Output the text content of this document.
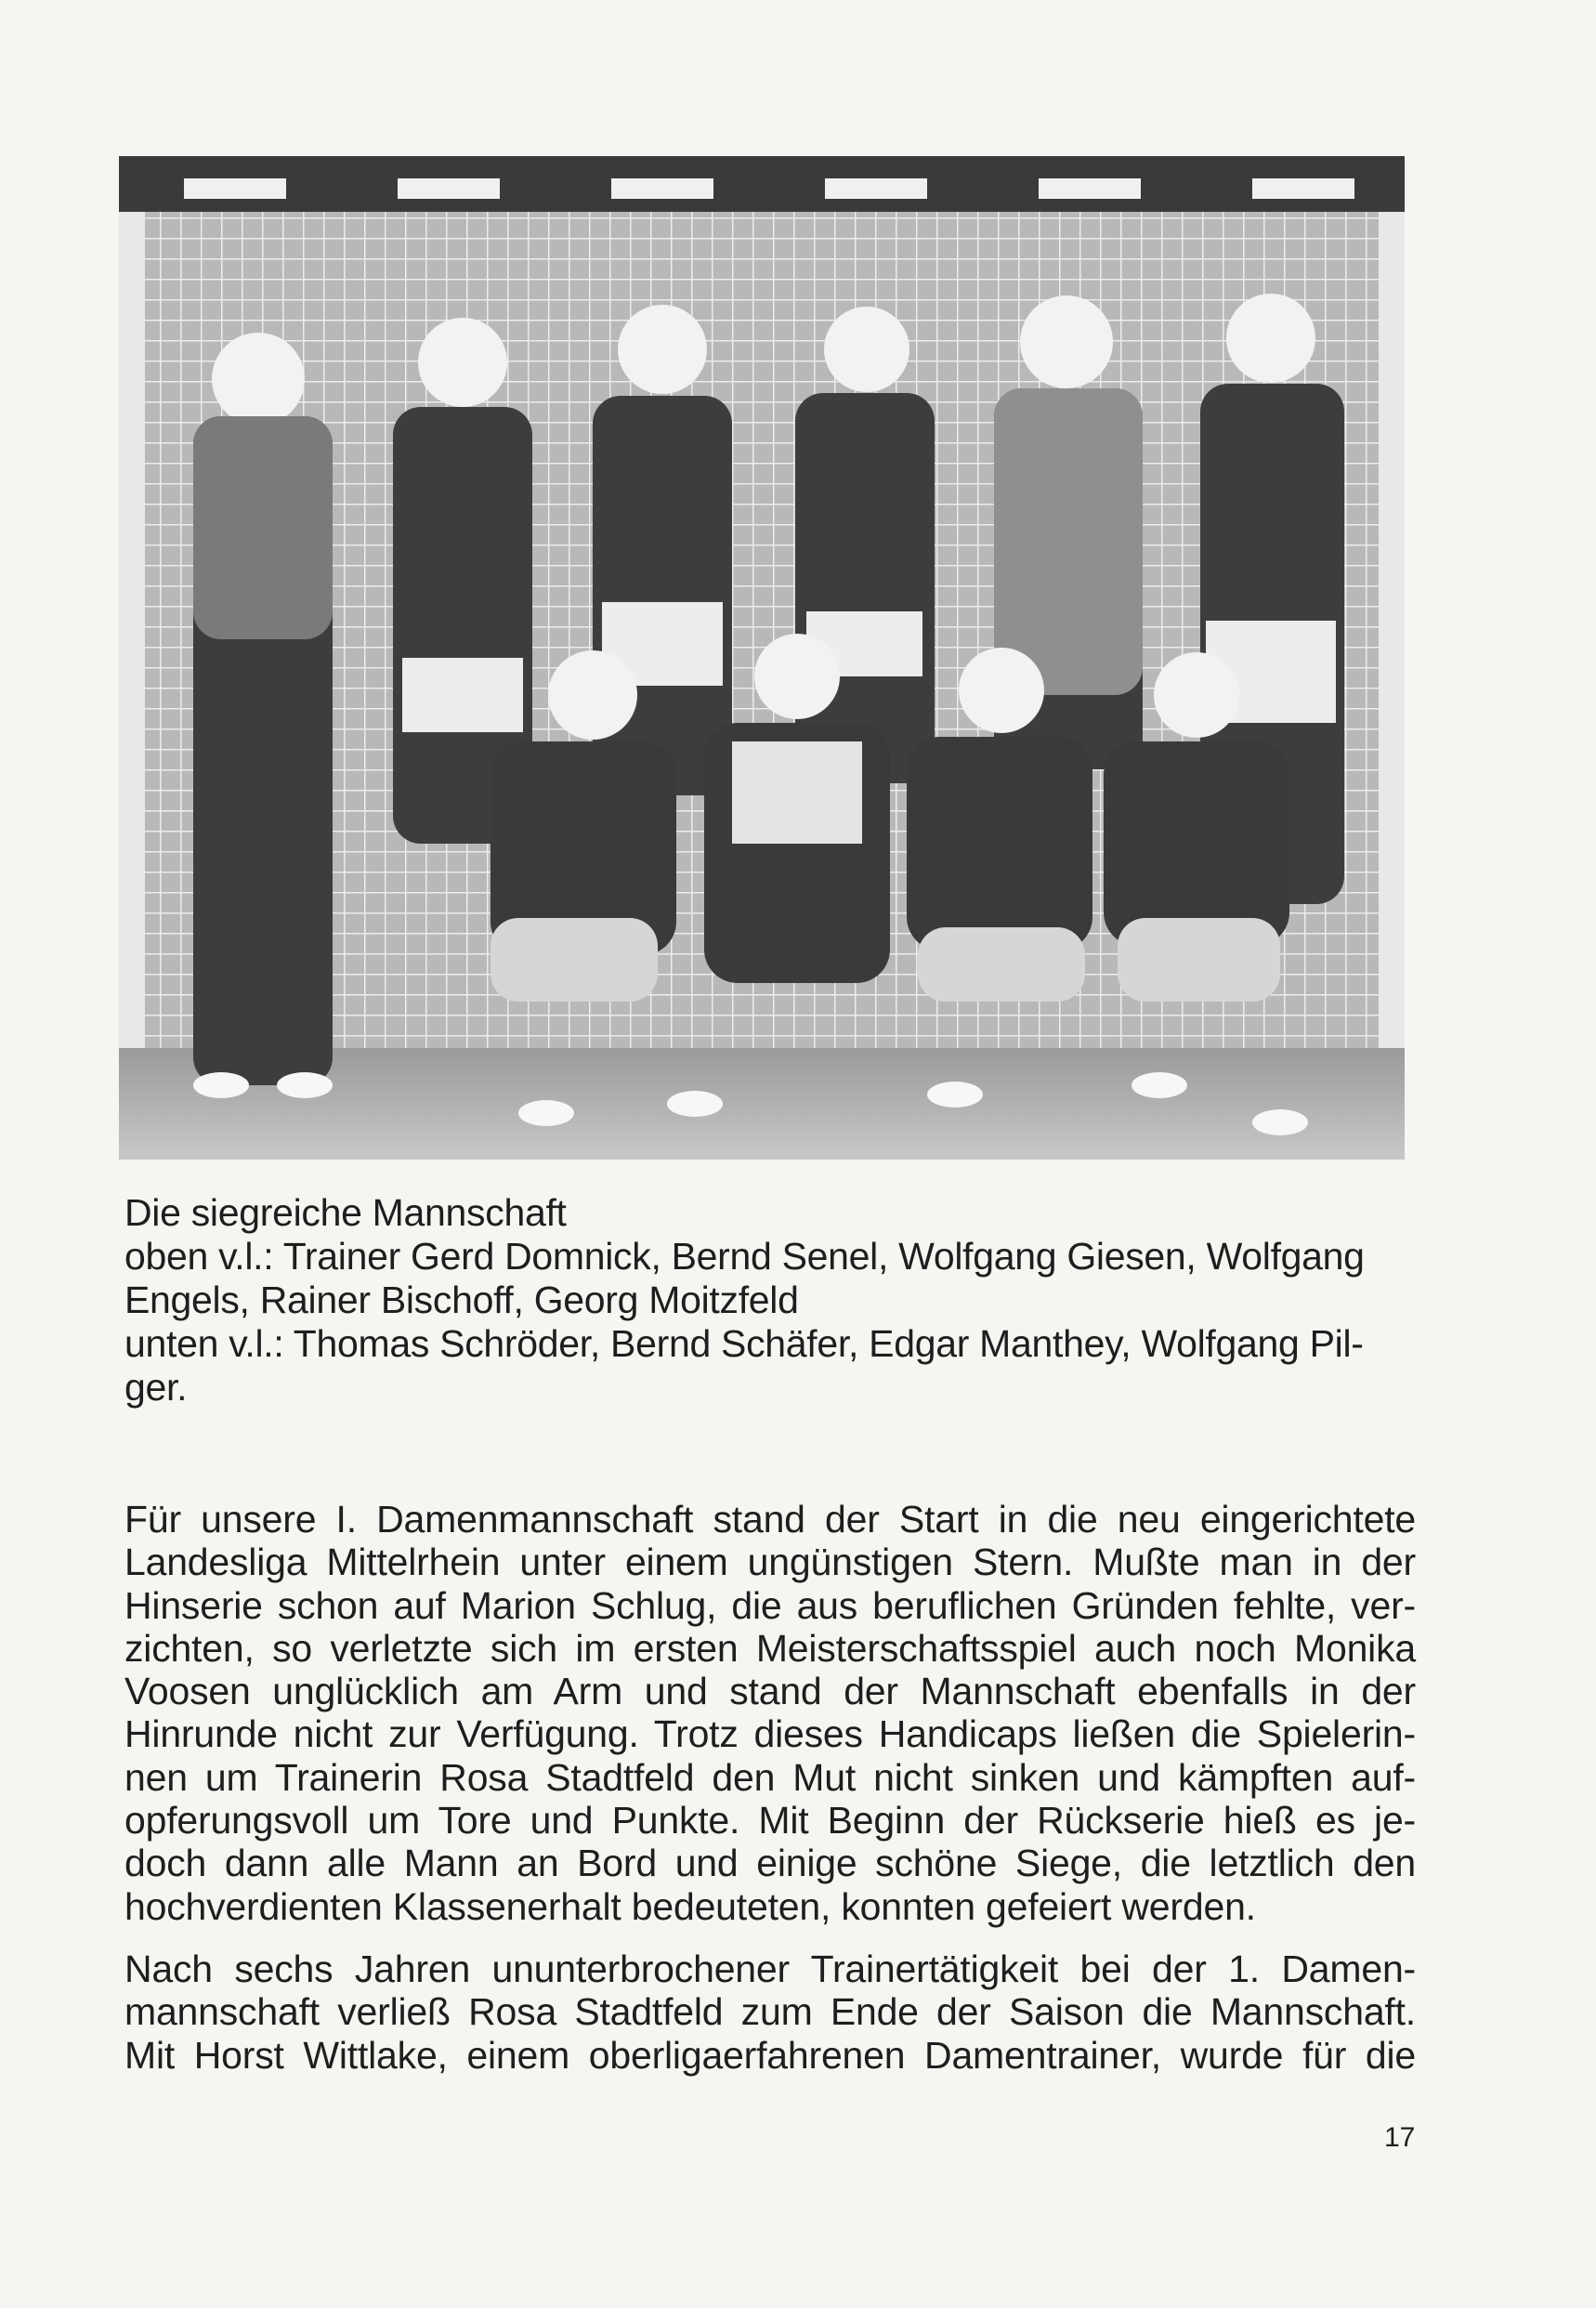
Die siegreiche Mannschaft
oben v.l.: Trainer Gerd Domnick, Bernd Senel, Wolfgang Giesen, Wolfgang
Engels, Rainer Bischoff, Georg Moitzfeld
unten v.l.: Thomas Schröder, Bernd Schäfer, Edgar Manthey, Wolfgang Pil-
ger.

Für unsere I. Damenmannschaft stand der Start in die neu eingerichtete
Landesliga Mittelrhein unter einem ungünstigen Stern. Mußte man in der
Hinserie schon auf Marion Schlug, die aus beruflichen Gründen fehlte, ver-
zichten, so verletzte sich im ersten Meisterschaftsspiel auch noch Monika
Voosen unglücklich am Arm und stand der Mannschaft ebenfalls in der
Hinrunde nicht zur Verfügung. Trotz dieses Handicaps ließen die Spielerin-
nen um Trainerin Rosa Stadtfeld den Mut nicht sinken und kämpften auf-
opferungsvoll um Tore und Punkte. Mit Beginn der Rückserie hieß es je-
doch dann alle Mann an Bord und einige schöne Siege, die letztlich den
hochverdienten Klassenerhalt bedeuteten, konnten gefeiert werden.

Nach sechs Jahren ununterbrochener Trainertätigkeit bei der 1. Damen-
mannschaft verließ Rosa Stadtfeld zum Ende der Saison die Mannschaft.
Mit Horst Wittlake, einem oberligaerfahrenen Damentrainer, wurde für die

17
